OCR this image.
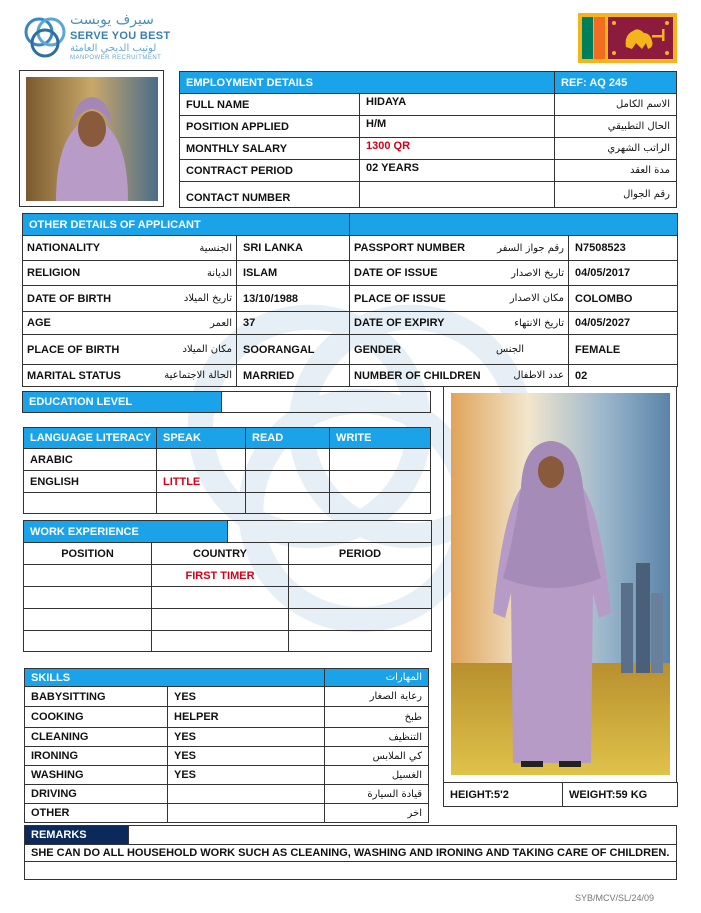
سيرف يوبست
SERVE YOU BEST
لوتيب الديجي العامئة
MANPOWER RECRUITMENT
EMPLOYMENT DETAILS		REF: AQ 245
FULL NAME	HIDAYA	الاسم الكامل
POSITION APPLIED	H/M	الحال التطبيقي
MONTHLY SALARY	1300 QR	الراتب الشهري
CONTRACT PERIOD	02 YEARS	مدة العقد
CONTACT NUMBER		رقم الجوال
OTHER DETAILS OF APPLICANT			

NATIONALITY الجنسية	SRI LANKA	PASSPORT NUMBER رقم جواز السفر	N7508523

RELIGION الديانة	ISLAM	DATE OF ISSUE تاريخ الاصدار	04/05/2017

DATE OF BIRTH تاريخ الميلاد	13/10/1988	PLACE OF ISSUE مكان الاصدار	COLOMBO

AGE العمر	37	DATE OF EXPIRY تاريخ الانتهاء	04/05/2027

PLACE OF BIRTH مكان الميلاد	SOORANGAL	GENDER الجنس	FEMALE

MARITAL STATUS الحالة الاجتماعية	MARRIED	NUMBER OF CHILDREN عدد الاطفال	02
EDUCATION LEVEL	
LANGUAGE LITERACY	SPEAK	READ	WRITE
ARABIC			
ENGLISH	LITTLE		

WORK EXPERIENCE			
POSITION	COUNTRY		PERIOD
	FIRST TIMER		

SKILLS		المهارات
BABYSITTING	YES	رعاية الصغار
COOKING	HELPER	طبخ
CLEANING	YES	التنظيف
IRONING	YES	كي الملابس
WASHING	YES	الغسيل
DRIVING		قيادة السيارة
OTHER		اخر
HEIGHT:5'2	WEIGHT:59 KG
REMARKS	
SHE CAN DO ALL HOUSEHOLD WORK SUCH AS CLEANING, WASHING AND IRONING AND TAKING CARE OF CHILDREN.

SYB/MCV/SL/24/09
